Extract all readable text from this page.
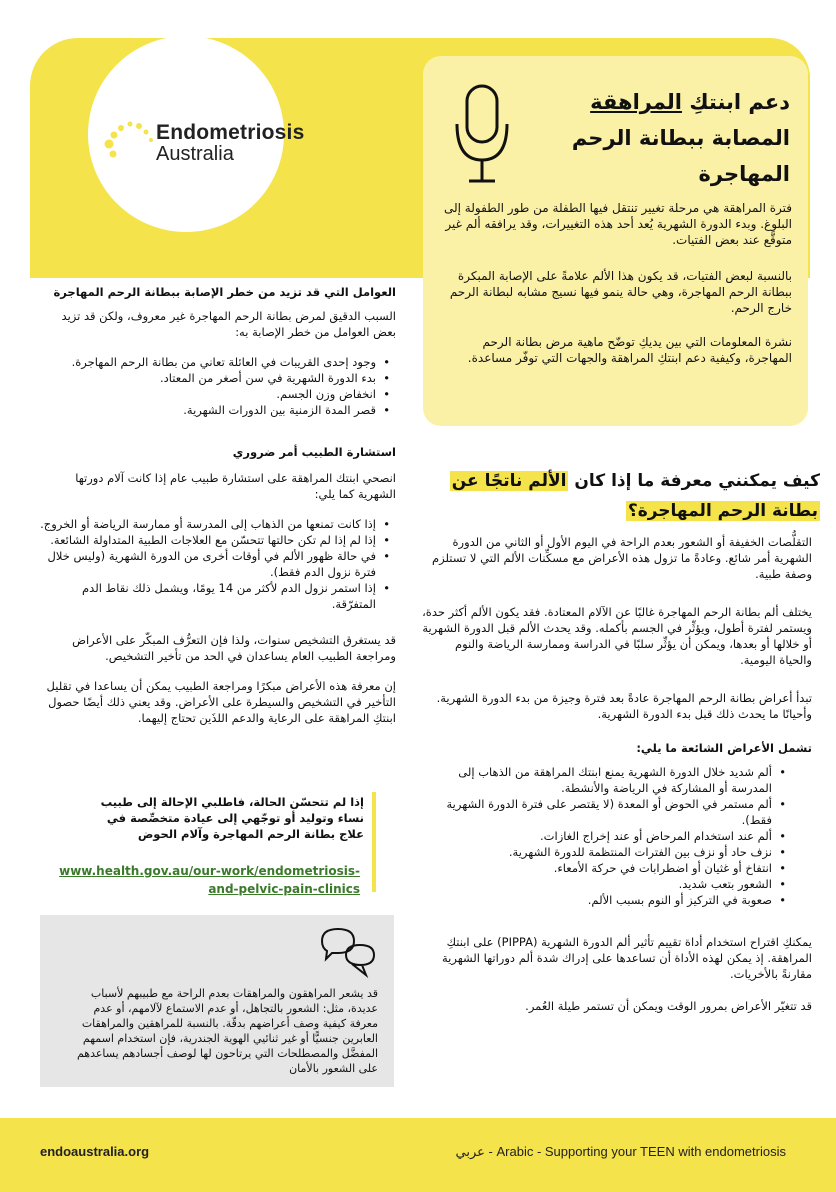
Endometriosis
Australia
دعم ابنتكِ المراهقة المصابة ببطانة الرحم المهاجرة

فترة المراهقة هي مرحلة تغيير تنتقل فيها الطفلة من طور الطفولة إلى البلوغ. وبدء الدورة الشهرية يُعد أحد هذه التغييرات، وقد يرافقه ألم غير متوقَّع عند بعض الفتيات.

بالنسبة لبعض الفتيات، قد يكون هذا الألم علامةً على الإصابة المبكرة ببطانة الرحم المهاجرة، وهي حالة ينمو فيها نسيج مشابه لبطانة الرحم خارج الرحم.

نشرة المعلومات التي بين يديكِ توضّح ماهية مرض بطانة الرحم المهاجرة، وكيفية دعم ابنتكِ المراهقة والجهات التي توفّر مساعدة.

العوامل التي قد تزيد من خطر الإصابة ببطانة الرحم المهاجرة

السبب الدقيق لمرض بطانة الرحم المهاجرة غير معروف، ولكن قد تزيد بعض العوامل من خطر الإصابة به:

• وجود إحدى القريبات في العائلة تعاني من بطانة الرحم المهاجرة.
• بدء الدورة الشهرية في سن أصغر من المعتاد.
• انخفاض وزن الجسم.
• قصر المدة الزمنية بين الدورات الشهرية.

استشارة الطبيب أمر ضروري

انصحي ابنتك المراهقة على استشارة طبيب عام إذا كانت آلام دورتها الشهرية كما يلي:

• إذا كانت تمنعها من الذهاب إلى المدرسة أو ممارسة الرياضة أو الخروج.
• إذا لم إذا لم تكن حالتها تتحسّن مع العلاجات الطبية المتداولة الشائعة.
• في حالة ظهور الألم في أوقات أخرى من الدورة الشهرية (وليس خلال فترة نزول الدم فقط).
• إذا استمر نزول الدم لأكثر من 14 يومًا، ويشمل ذلك نقاط الدم المتفرّقة.

قد يستغرق التشخيص سنوات، ولذا فإن التعرُّف المبكّر على الأعراض ومراجعة الطبيب العام يساعدان في الحد من تأخير التشخيص.

إن معرفة هذه الأعراض مبكرًا ومراجعة الطبيب يمكن أن يساعدا في تقليل التأخير في التشخيص والسيطرة على الأعراض. وقد يعني ذلك أيضًا حصول ابنتكِ المراهقة على الرعاية والدعم اللذَين تحتاج إليهما.

إذا لم تتحسّن الحالة، فاطلبي الإحالة إلى طبيب نساء وتوليد أو توجّهي إلى عيادة متخصِّصة في علاج بطانة الرحم المهاجرة وآلام الحوض

www.health.gov.au/our-work/endometriosis-
and-pelvic-pain-clinics

قد يشعر المراهقون والمراهقات بعدم الراحة مع طبيبهم لأسباب عديدة، مثل: الشعور بالتجاهل، أو عدم الاستماع لآلامهم، أو عدم معرفة كيفية وصف أعراضهم بدقّة. بالنسبة للمراهقين والمراهقات العابرين جنسيًّا أو غير ثنائيي الهوية الجندرية، فإن استخدام اسمهم المفضَّل والمصطلحات التي يرتاحون لها لوصف أجسادهم يساعدهم على الشعور بالأمان

كيف يمكنني معرفة ما إذا كان الألم ناتجًا عن بطانة الرحم المهاجرة؟

التقلُّصات الخفيفة أو الشعور بعدم الراحة في اليوم الأول أو الثاني من الدورة الشهرية أمر شائع. وعادةً ما تزول هذه الأعراض مع مسكِّنات الألم التي لا تستلزم وصفة طبية.

يختلف ألم بطانة الرحم المهاجرة غالبًا عن الآلام المعتادة. فقد يكون الألم أكثر حدة، ويستمر لفترة أطول، ويؤثِّر في الجسم بأكمله. وقد يحدث الألم قبل الدورة الشهرية أو خلالها أو بعدها، ويمكن أن يؤثِّر سلبًا في الدراسة وممارسة الرياضة والنوم والحياة اليومية.

تبدأ أعراض بطانة الرحم المهاجرة عادةً بعد فترة وجيزة من بدء الدورة الشهرية. وأحيانًا ما يحدث ذلك قبل بدء الدورة الشهرية.

تشمل الأعراض الشائعة ما يلي:

• ألم شديد خلال الدورة الشهرية يمنع ابنتك المراهقة من الذهاب إلى المدرسة أو المشاركة في الرياضة والأنشطة.
• ألم مستمر في الحوض أو المعدة (لا يقتصر على فترة الدورة الشهرية فقط).
• ألم عند استخدام المرحاض أو عند إخراج الغازات.
• نزف حاد أو نزف بين الفترات المنتظمة للدورة الشهرية.
• انتفاخ أو غثيان أو اضطرابات في حركة الأمعاء.
• الشعور بتعب شديد.
• صعوبة في التركيز أو النوم بسبب الألم.

يمكنكِ اقتراح استخدام أداة تقييم تأثير ألم الدورة الشهرية (PIPPA) على ابنتكِ المراهقة. إذ يمكن لهذه الأداة أن تساعدها على إدراك شدة ألم دوراتها الشهرية مقارنةً بالأخريات.

قد تتغيّر الأعراض بمرور الوقت ويمكن أن تستمر طيلة العُمر.

endoaustralia.org	عربي - Arabic - Supporting your TEEN with endometriosis
